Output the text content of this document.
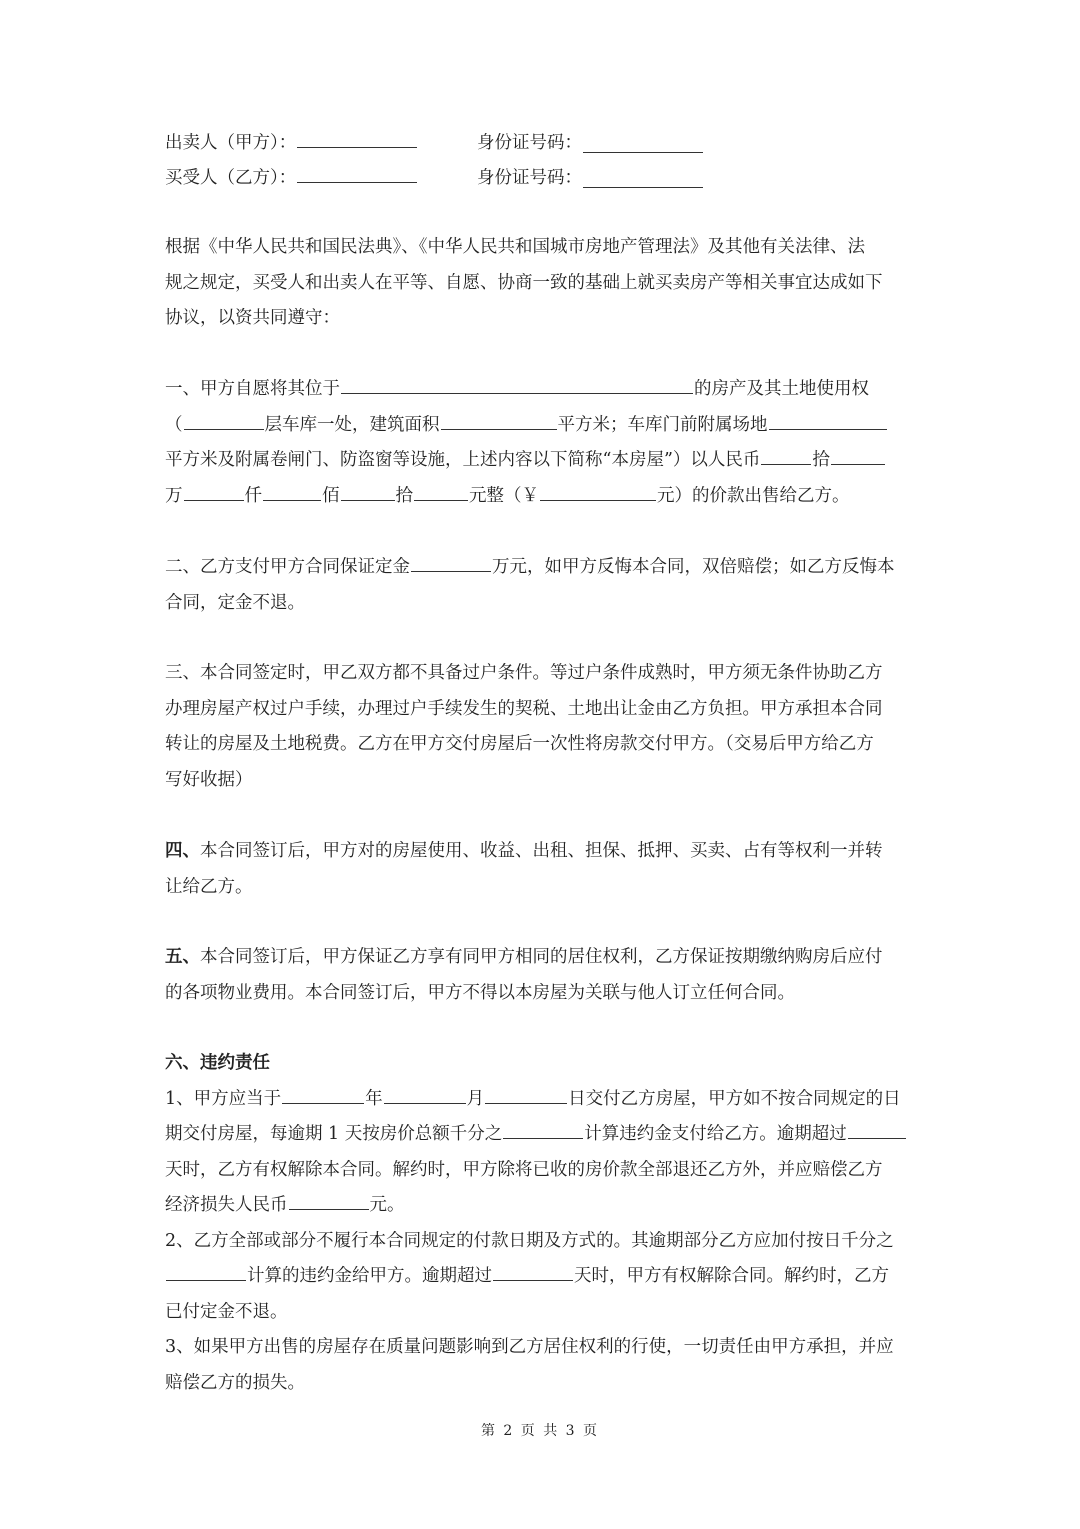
出卖人（甲方）：	身份证号码：
买受人（乙方）：	身份证号码：

根据《中华人民共和国民法典》、《中华人民共和国城市房地产管理法》及其他有关法律、法

规之规定，买受人和出卖人在平等、自愿、协商一致的基础上就买卖房产等相关事宜达成如下

协议，以资共同遵守：

一、甲方自愿将其位于	的房产及其土地使用权

（	层车库一处，建筑面积	平方米；车库门前附属场地

平方米及附属卷闸门、防盗窗等设施，上述内容以下简称“本房屋”）以人民币	拾

万	仟	佰	拾	元整（￥	元）的价款出售给乙方。

二、乙方支付甲方合同保证定金	万元，如甲方反悔本合同，双倍赔偿；如乙方反悔本

合同，定金不退。

三、本合同签定时，甲乙双方都不具备过户条件。等过户条件成熟时，甲方须无条件协助乙方

办理房屋产权过户手续，办理过户手续发生的契税、土地出让金由乙方负担。甲方承担本合同

转让的房屋及土地税费。乙方在甲方交付房屋后一次性将房款交付甲方。（交易后甲方给乙方

写好收据）

四、本合同签订后，甲方对的房屋使用、收益、出租、担保、抵押、买卖、占有等权利一并转

让给乙方。

五、本合同签订后，甲方保证乙方享有同甲方相同的居住权利，乙方保证按期缴纳购房后应付

的各项物业费用。本合同签订后，甲方不得以本房屋为关联与他人订立任何合同。

六、违约责任

1、甲方应当于	年	月	日交付乙方房屋，甲方如不按合同规定的日

期交付房屋，每逾期 1 天按房价总额千分之	计算违约金支付给乙方。逾期超过

天时，乙方有权解除本合同。解约时，甲方除将已收的房价款全部退还乙方外，并应赔偿乙方

经济损失人民币	元。

2、乙方全部或部分不履行本合同规定的付款日期及方式的。其逾期部分乙方应加付按日千分之

计算的违约金给甲方。逾期超过	天时，甲方有权解除合同。解约时，乙方

已付定金不退。

3、如果甲方出售的房屋存在质量问题影响到乙方居住权利的行使，一切责任由甲方承担，并应

赔偿乙方的损失。

第 2 页 共 3 页
